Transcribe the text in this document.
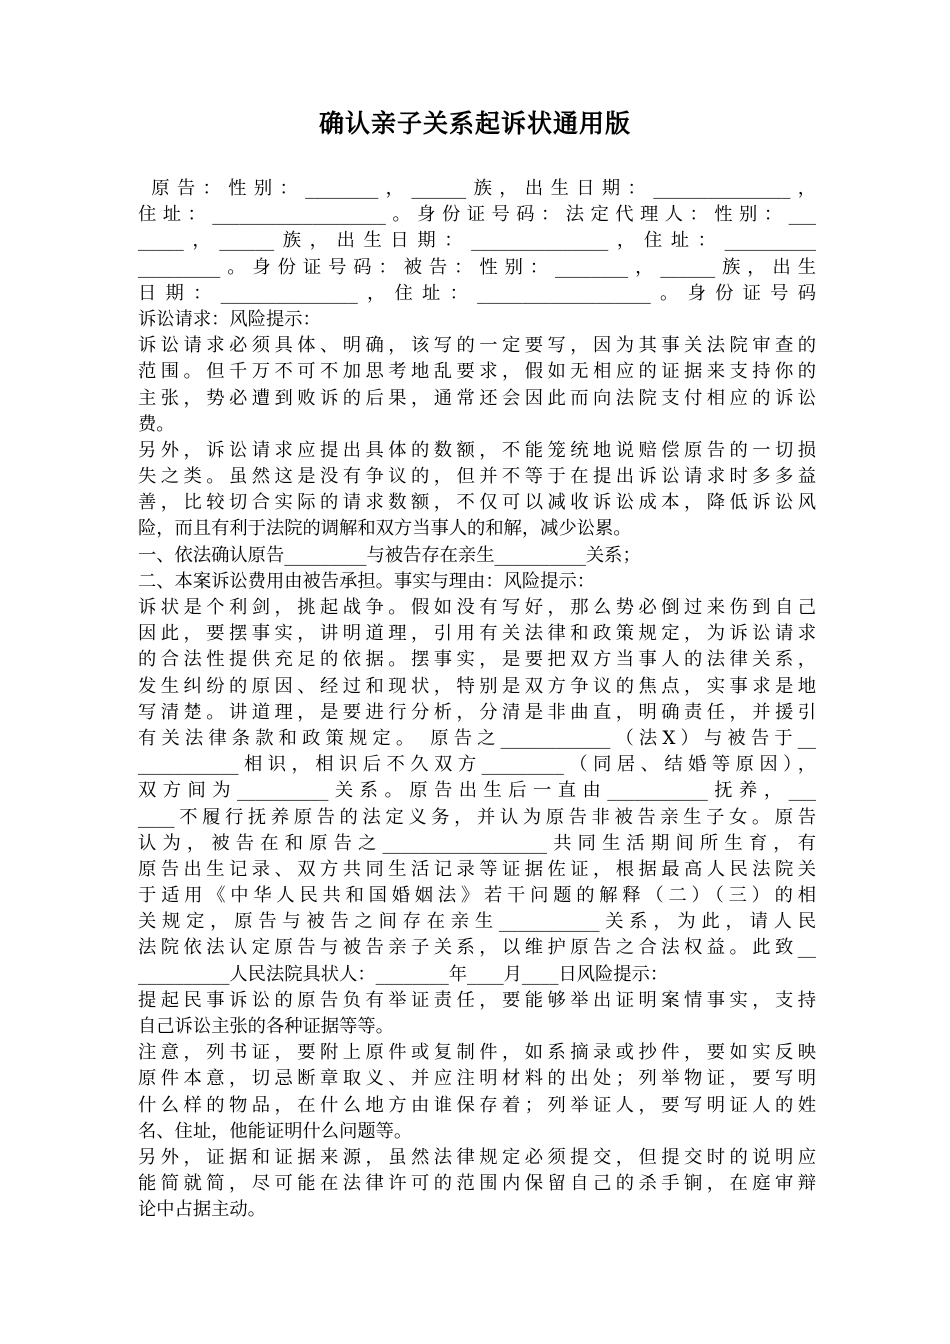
确认亲子关系起诉状通用版
原告：性别：________，______族，出生日期：_______________，
住址：___________________。身份证号码：法定代理人：性别：___
_____，______族，出生日期：_______________，住址：__________
_________。身份证号码：被告：性别：________，______族，出生
日期：_______________，住址：___________________。身份证号码
诉讼请求：风险提示：
诉讼请求必须具体、明确，该写的一定要写，因为其事关法院审查的
范围。但千万不可不加思考地乱要求，假如无相应的证据来支持你的
主张，势必遭到败诉的后果，通常还会因此而向法院支付相应的诉讼
费。
另外，诉讼请求应提出具体的数额，不能笼统地说赔偿原告的一切损
失之类。虽然这是没有争议的，但并不等于在提出诉讼请求时多多益
善，比较切合实际的请求数额，不仅可以减收诉讼成本，降低诉讼风
险，而且有利于法院的调解和双方当事人的和解，减少讼累。
一、依法确认原告_________与被告存在亲生__________关系；
二、本案诉讼费用由被告承担。事实与理由：风险提示：
诉状是个利剑，挑起战争。假如没有写好，那么势必倒过来伤到自己
因此，要摆事实，讲明道理，引用有关法律和政策规定，为诉讼请求
的合法性提供充足的依据。摆事实，是要把双方当事人的法律关系，
发生纠纷的原因、经过和现状，特别是双方争议的焦点，实事求是地
写清楚。讲道理，是要进行分析，分清是非曲直，明确责任，并援引
有关法律条款和政策规定。 原告之____________（法X）与被告于__
___________相识，相识后不久双方_________（同居、结婚等原因），
双方间为__________关系。原告出生后一直由___________抚养，___
____不履行抚养原告的法定义务，并认为原告非被告亲生子女。原告
认为，被告在和原告之__________________共同生活期间所生育，有
原告出生记录、双方共同生活记录等证据佐证，根据最高人民法院关
于适用《中华人民共和国婚姻法》若干问题的解释（二）（三）的相
关规定，原告与被告之间存在亲生___________关系，为此，请人民
法院依法认定原告与被告亲子关系，以维护原告之合法权益。此致__
__________人民法院具状人：________年____月____日风险提示：
提起民事诉讼的原告负有举证责任，要能够举出证明案情事实，支持
自己诉讼主张的各种证据等等。
注意，列书证，要附上原件或复制件，如系摘录或抄件，要如实反映
原件本意，切忌断章取义、并应注明材料的出处；列举物证，要写明
什么样的物品，在什么地方由谁保存着；列举证人，要写明证人的姓
名、住址，他能证明什么问题等。
另外，证据和证据来源，虽然法律规定必须提交，但提交时的说明应
能简就简，尽可能在法律许可的范围内保留自己的杀手锏，在庭审辩
论中占据主动。
